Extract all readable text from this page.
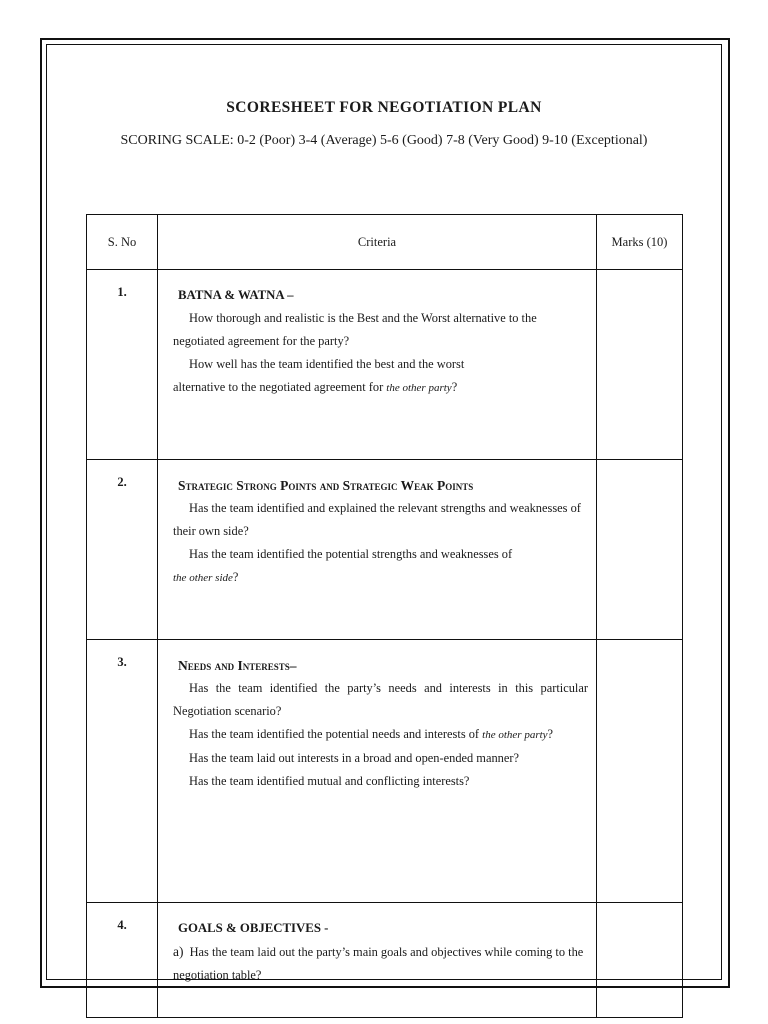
SCORESHEET FOR NEGOTIATION PLAN
SCORING SCALE: 0-2 (Poor) 3-4 (Average) 5-6 (Good) 7-8 (Very Good) 9-10 (Exceptional)
S. No	Criteria	Marks (10)
1.	BATNA & WATNA –
How thorough and realistic is the Best and the Worst alternative to the negotiated agreement for the party?
How well has the team identified the best and the worst
alternative to the negotiated agreement for the other party?	

2.	Strategic Strong Points and Strategic Weak Points
Has the team identified and explained the relevant strengths and weaknesses of their own side?
Has the team identified the potential strengths and weaknesses of
the other side?	

3.	Needs and Interests–
Has the team identified the party’s needs and interests in this particular Negotiation scenario?
Has the team identified the potential needs and interests of the other party?
Has the team laid out interests in a broad and open-ended manner?
Has the team identified mutual and conflicting interests?	

4.	GOALS & OBJECTIVES -
a) Has the team laid out the party’s main goals and objectives while coming to the negotiation table?	
